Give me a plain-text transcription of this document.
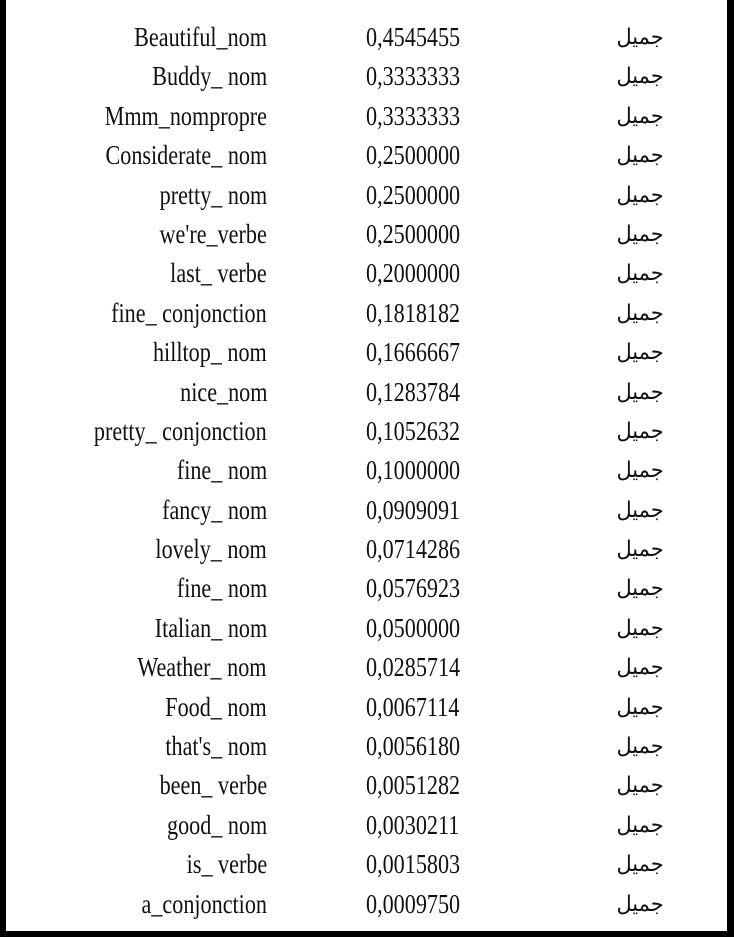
Beautiful_nom	0,4545455	جميل
Buddy_ nom	0,3333333	جميل
Mmm_nompropre	0,3333333	جميل
Considerate_ nom	0,2500000	جميل
pretty_ nom	0,2500000	جميل
we're_verbe	0,2500000	جميل
last_ verbe	0,2000000	جميل
fine_ conjonction	0,1818182	جميل
hilltop_ nom	0,1666667	جميل
nice_nom	0,1283784	جميل
pretty_ conjonction	0,1052632	جميل
fine_ nom	0,1000000	جميل
fancy_ nom	0,0909091	جميل
lovely_ nom	0,0714286	جميل
fine_ nom	0,0576923	جميل
Italian_ nom	0,0500000	جميل
Weather_ nom	0,0285714	جميل
Food_ nom	0,0067114	جميل
that's_ nom	0,0056180	جميل
been_ verbe	0,0051282	جميل
good_ nom	0,0030211	جميل
is_ verbe	0,0015803	جميل
a_conjonction	0,0009750	جميل
